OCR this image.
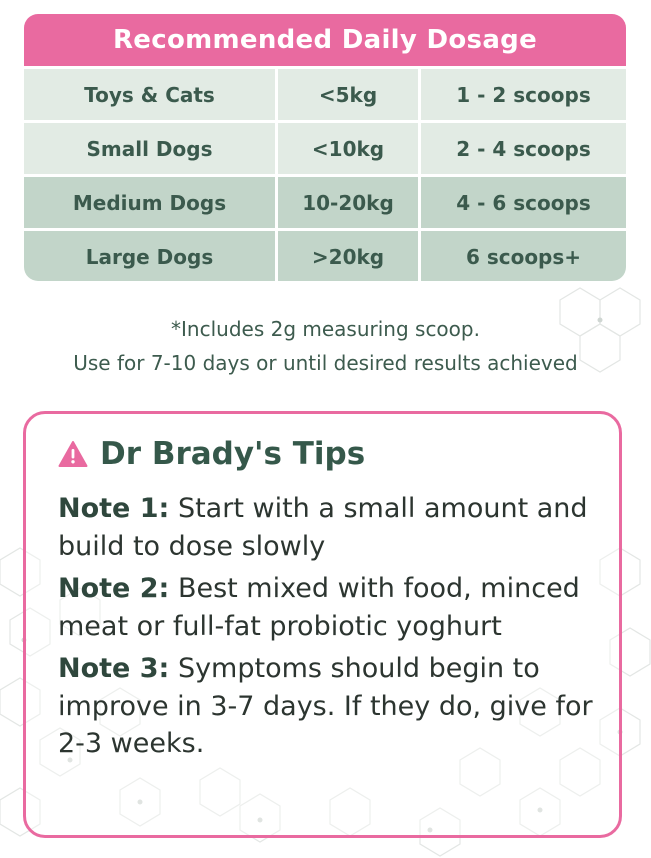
Recommended Daily Dosage
Toys & Cats	<5kg	1 - 2 scoops
Small Dogs	<10kg	2 - 4 scoops
Medium Dogs	10-20kg	4 - 6 scoops
Large Dogs	>20kg	6 scoops+
*Includes 2g measuring scoop.
Use for 7-10 days or until desired results achieved
Dr Brady's Tips
Note 1: Start with a small amount and build to dose slowly
Note 2: Best mixed with food, minced meat or full-fat probiotic yoghurt
Note 3: Symptoms should begin to improve in 3-7 days. If they do, give for 2-3 weeks.
